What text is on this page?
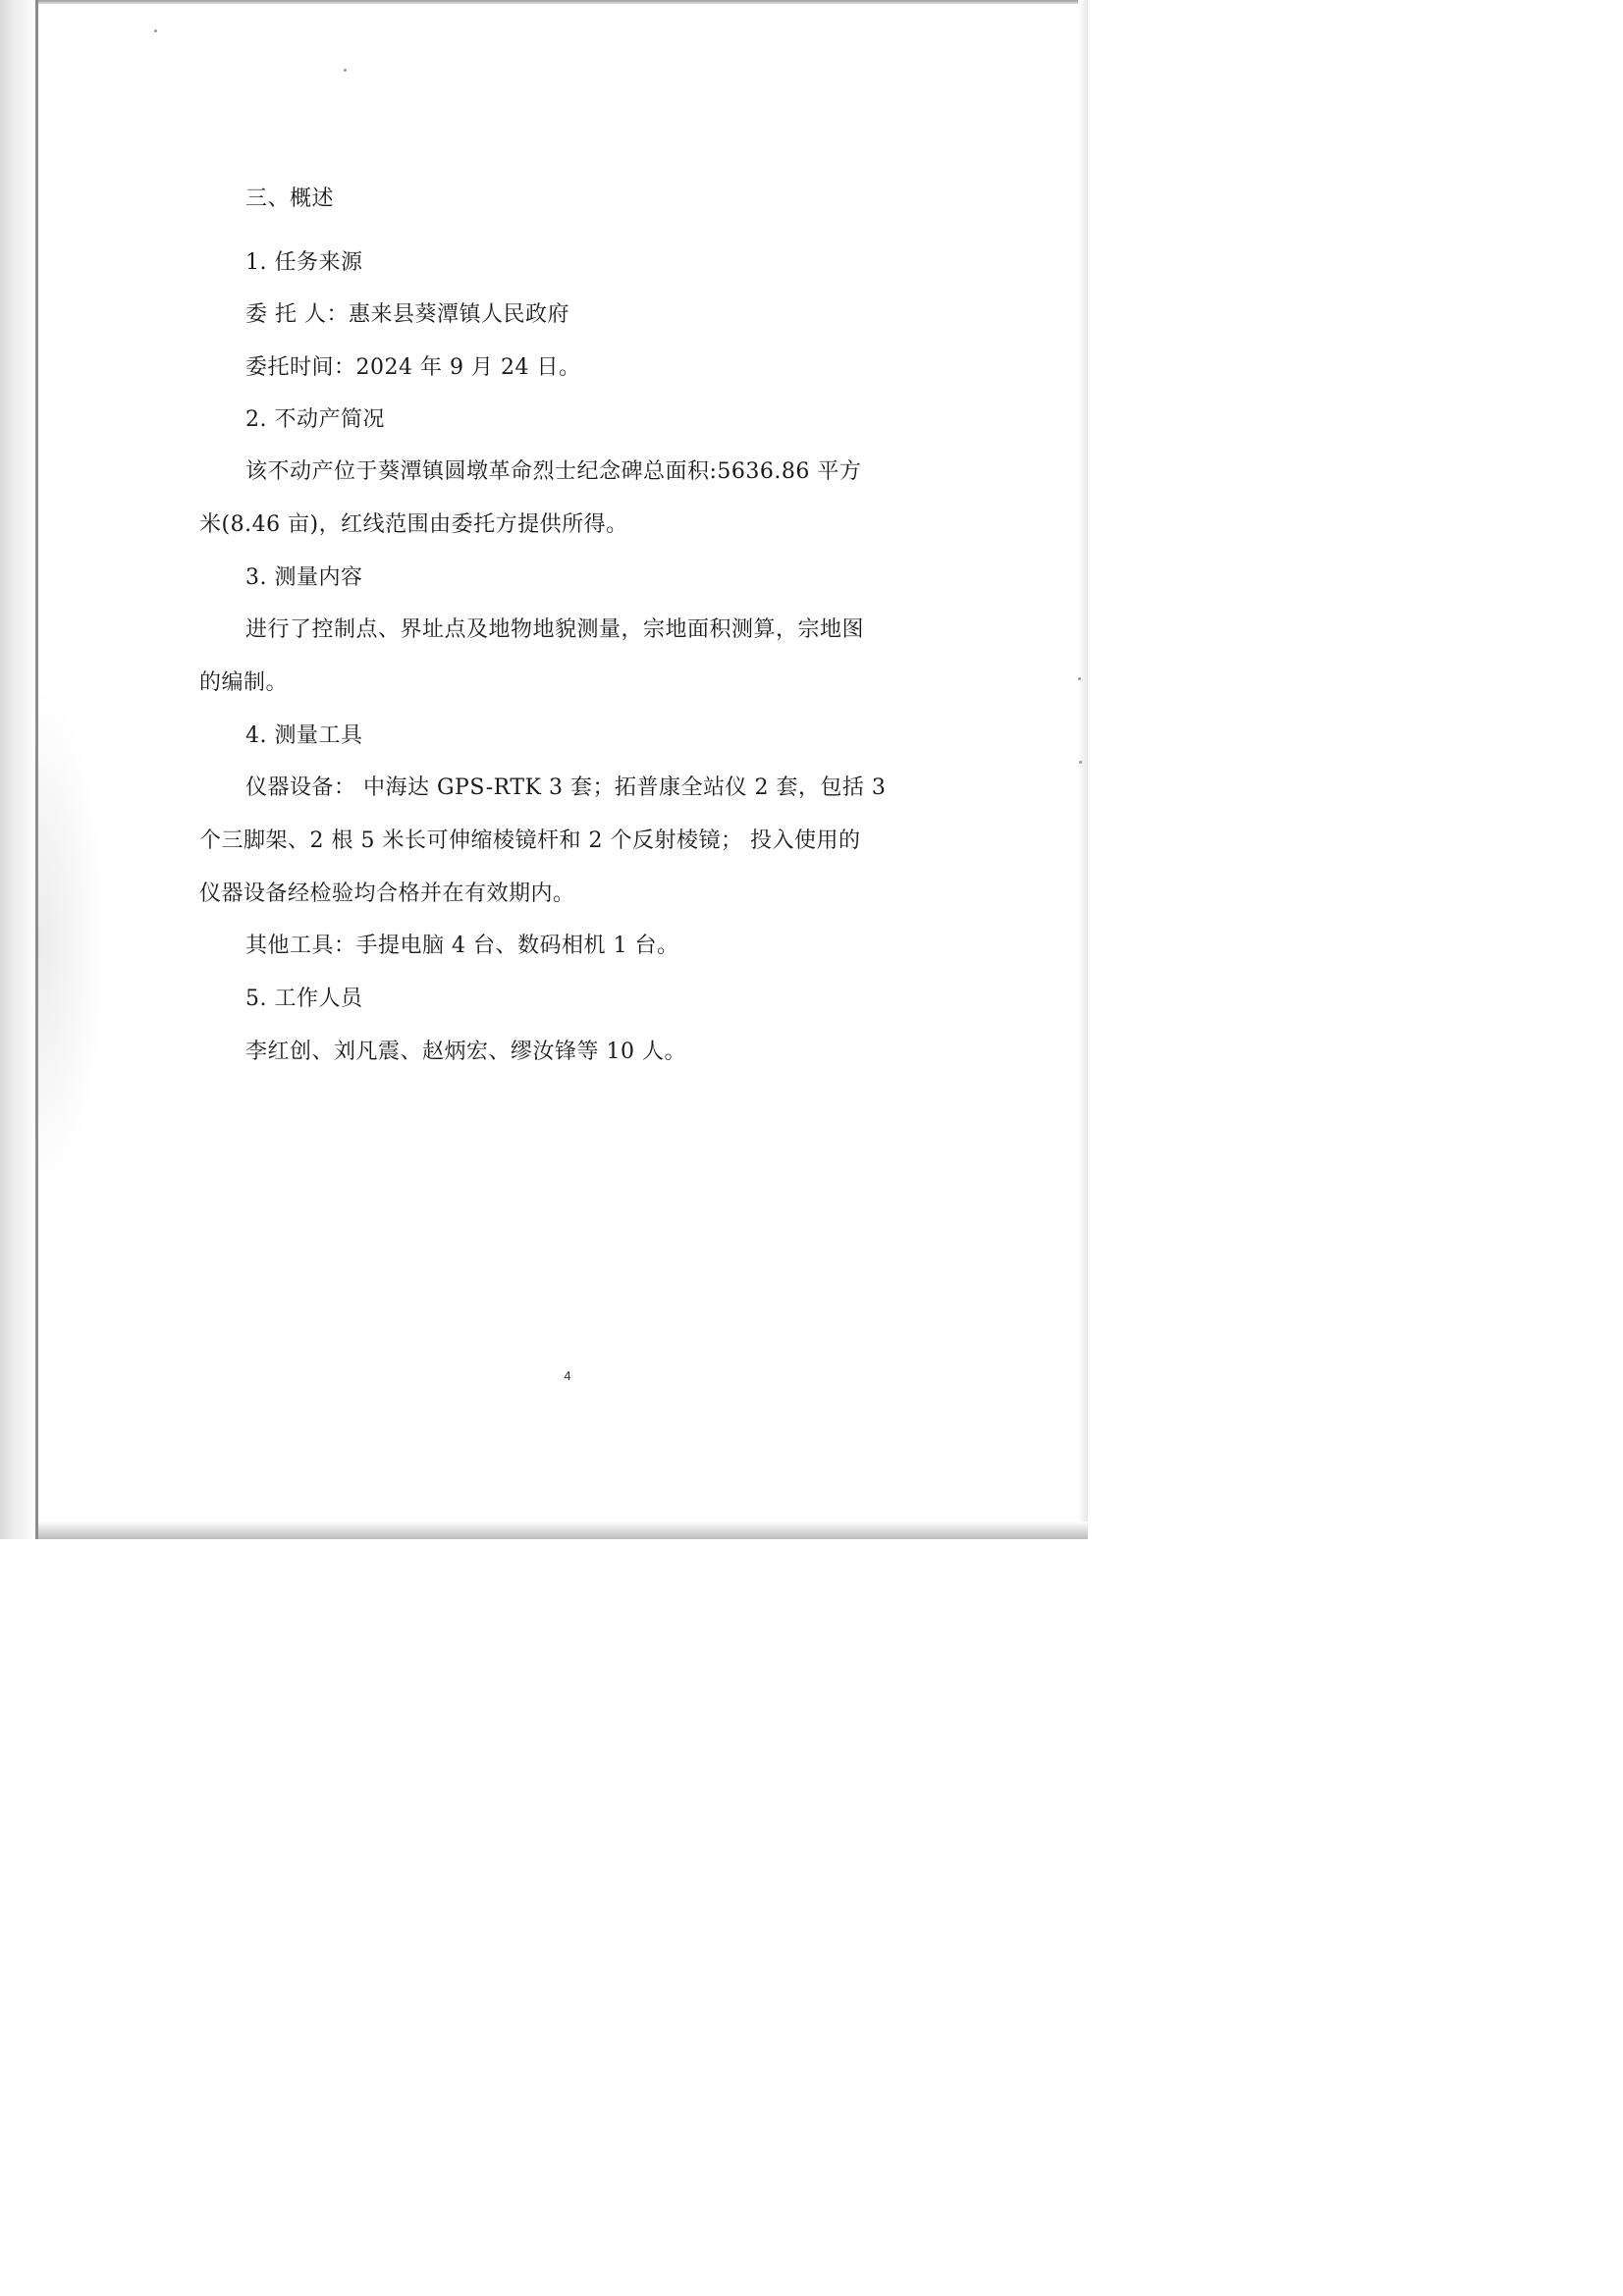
三、概述
1. 任务来源
委 托 人：惠来县葵潭镇人民政府
委托时间：2024 年 9 月 24 日。
2. 不动产简况
该不动产位于葵潭镇圆墩革命烈士纪念碑总面积:5636.86 平方
米(8.46 亩)，红线范围由委托方提供所得。
3. 测量内容
进行了控制点、界址点及地物地貌测量，宗地面积测算，宗地图
的编制。
4. 测量工具
仪器设备： 中海达 GPS-RTK 3 套；拓普康全站仪 2 套，包括 3
个三脚架、2 根 5 米长可伸缩棱镜杆和 2 个反射棱镜； 投入使用的
仪器设备经检验均合格并在有效期内。
其他工具：手提电脑 4 台、数码相机 1 台。
5. 工作人员
李红创、刘凡震、赵炳宏、缪汝锋等 10 人。
4
